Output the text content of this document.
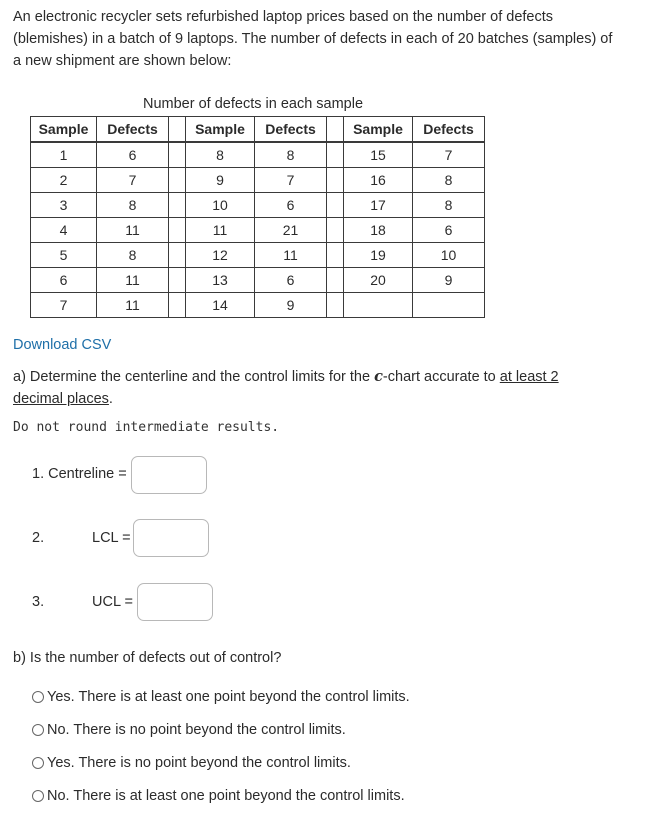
An electronic recycler sets refurbished laptop prices based on the number of defects (blemishes) in a batch of 9 laptops. The number of defects in each of 20 batches (samples) of a new shipment are shown below:
Number of defects in each sample
Sample	Defects		Sample	Defects		Sample	Defects
1	6		8	8		15	7
2	7		9	7		16	8
3	8		10	6		17	8
4	11		11	21		18	6
5	8		12	11		19	10
6	11		13	6		20	9
7	11		14	9			
Download CSV
a) Determine the centerline and the control limits for the c-chart accurate to at least 2
decimal places.
Do not round intermediate results.
1. Centreline =
2.	LCL =
3.	UCL =
b) Is the number of defects out of control?
Yes. There is at least one point beyond the control limits.
No. There is no point beyond the control limits.
Yes. There is no point beyond the control limits.
No. There is at least one point beyond the control limits.
